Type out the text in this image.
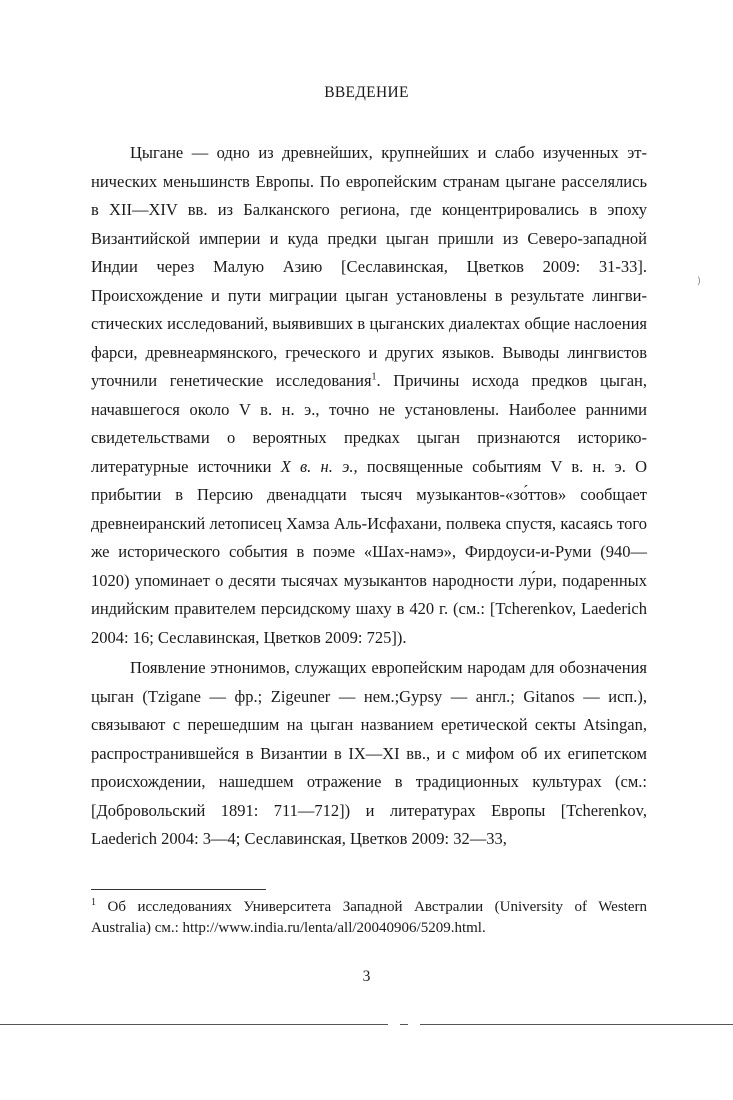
ВВЕДЕНИЕ

Цыгане — одно из древнейших, крупнейших и слабо изученных этнических меньшинств Европы. По европейским странам цыгане расселялись в XII—XIV вв. из Балканского региона, где концентрировались в эпоху Византийской империи и куда предки цыган пришли из Северо-западной Индии через Малую Азию [Сеславинская, Цветков 2009: 31-33]. Происхождение и пути миграции цыган установлены в результате лингвистических исследований, выявивших в цыганских диалектах общие наслоения фарси, древнеармянского, греческого и других языков. Выводы лингвистов уточнили генетические исследования$^1$. Причины исхода предков цыган, начавшегося около V в. н. э., точно не установлены. Наиболее ранними свидетельствами о вероятных предках цыган признаются историко-литературные источники X в. н. э., посвященные событиям V в. н. э. О прибытии в Персию двенадцати тысяч музыкантов-«зо́ттов» сообщает древнеиранский летописец Хамза Аль-Исфахани, полвека спустя, касаясь того же исторического события в поэме «Шах-намэ», Фирдоуси-и-Руми (940—1020) упоминает о десяти тысячах музыкантов народности лу́ри, подаренных индийским правителем персидскому шаху в 420 г. (см.: [Tcherenkov, Laederich 2004: 16; Сеславинская, Цветков 2009: 725]).

Появление этнонимов, служащих европейским народам для обозначения цыган (Tzigane — фр.; Zigeuner — нем.;Gypsy — англ.; Gitanos — исп.), связывают с перешедшим на цыган названием еретической секты Atsingan, распространившейся в Византии в IX—XI вв., и с мифом об их египетском происхождении, нашедшем отражение в традиционных культурах (см.: [Добровольский 1891: 711—712]) и литературах Европы [Tcherenkov, Laederich 2004: 3—4; Сеславинская, Цветков 2009: 32—33,

$^1$ Об исследованиях Университета Западной Австралии (University of Western Australia) см.: http://www.india.ru/lenta/all/20040906/5209.html.

3
)
